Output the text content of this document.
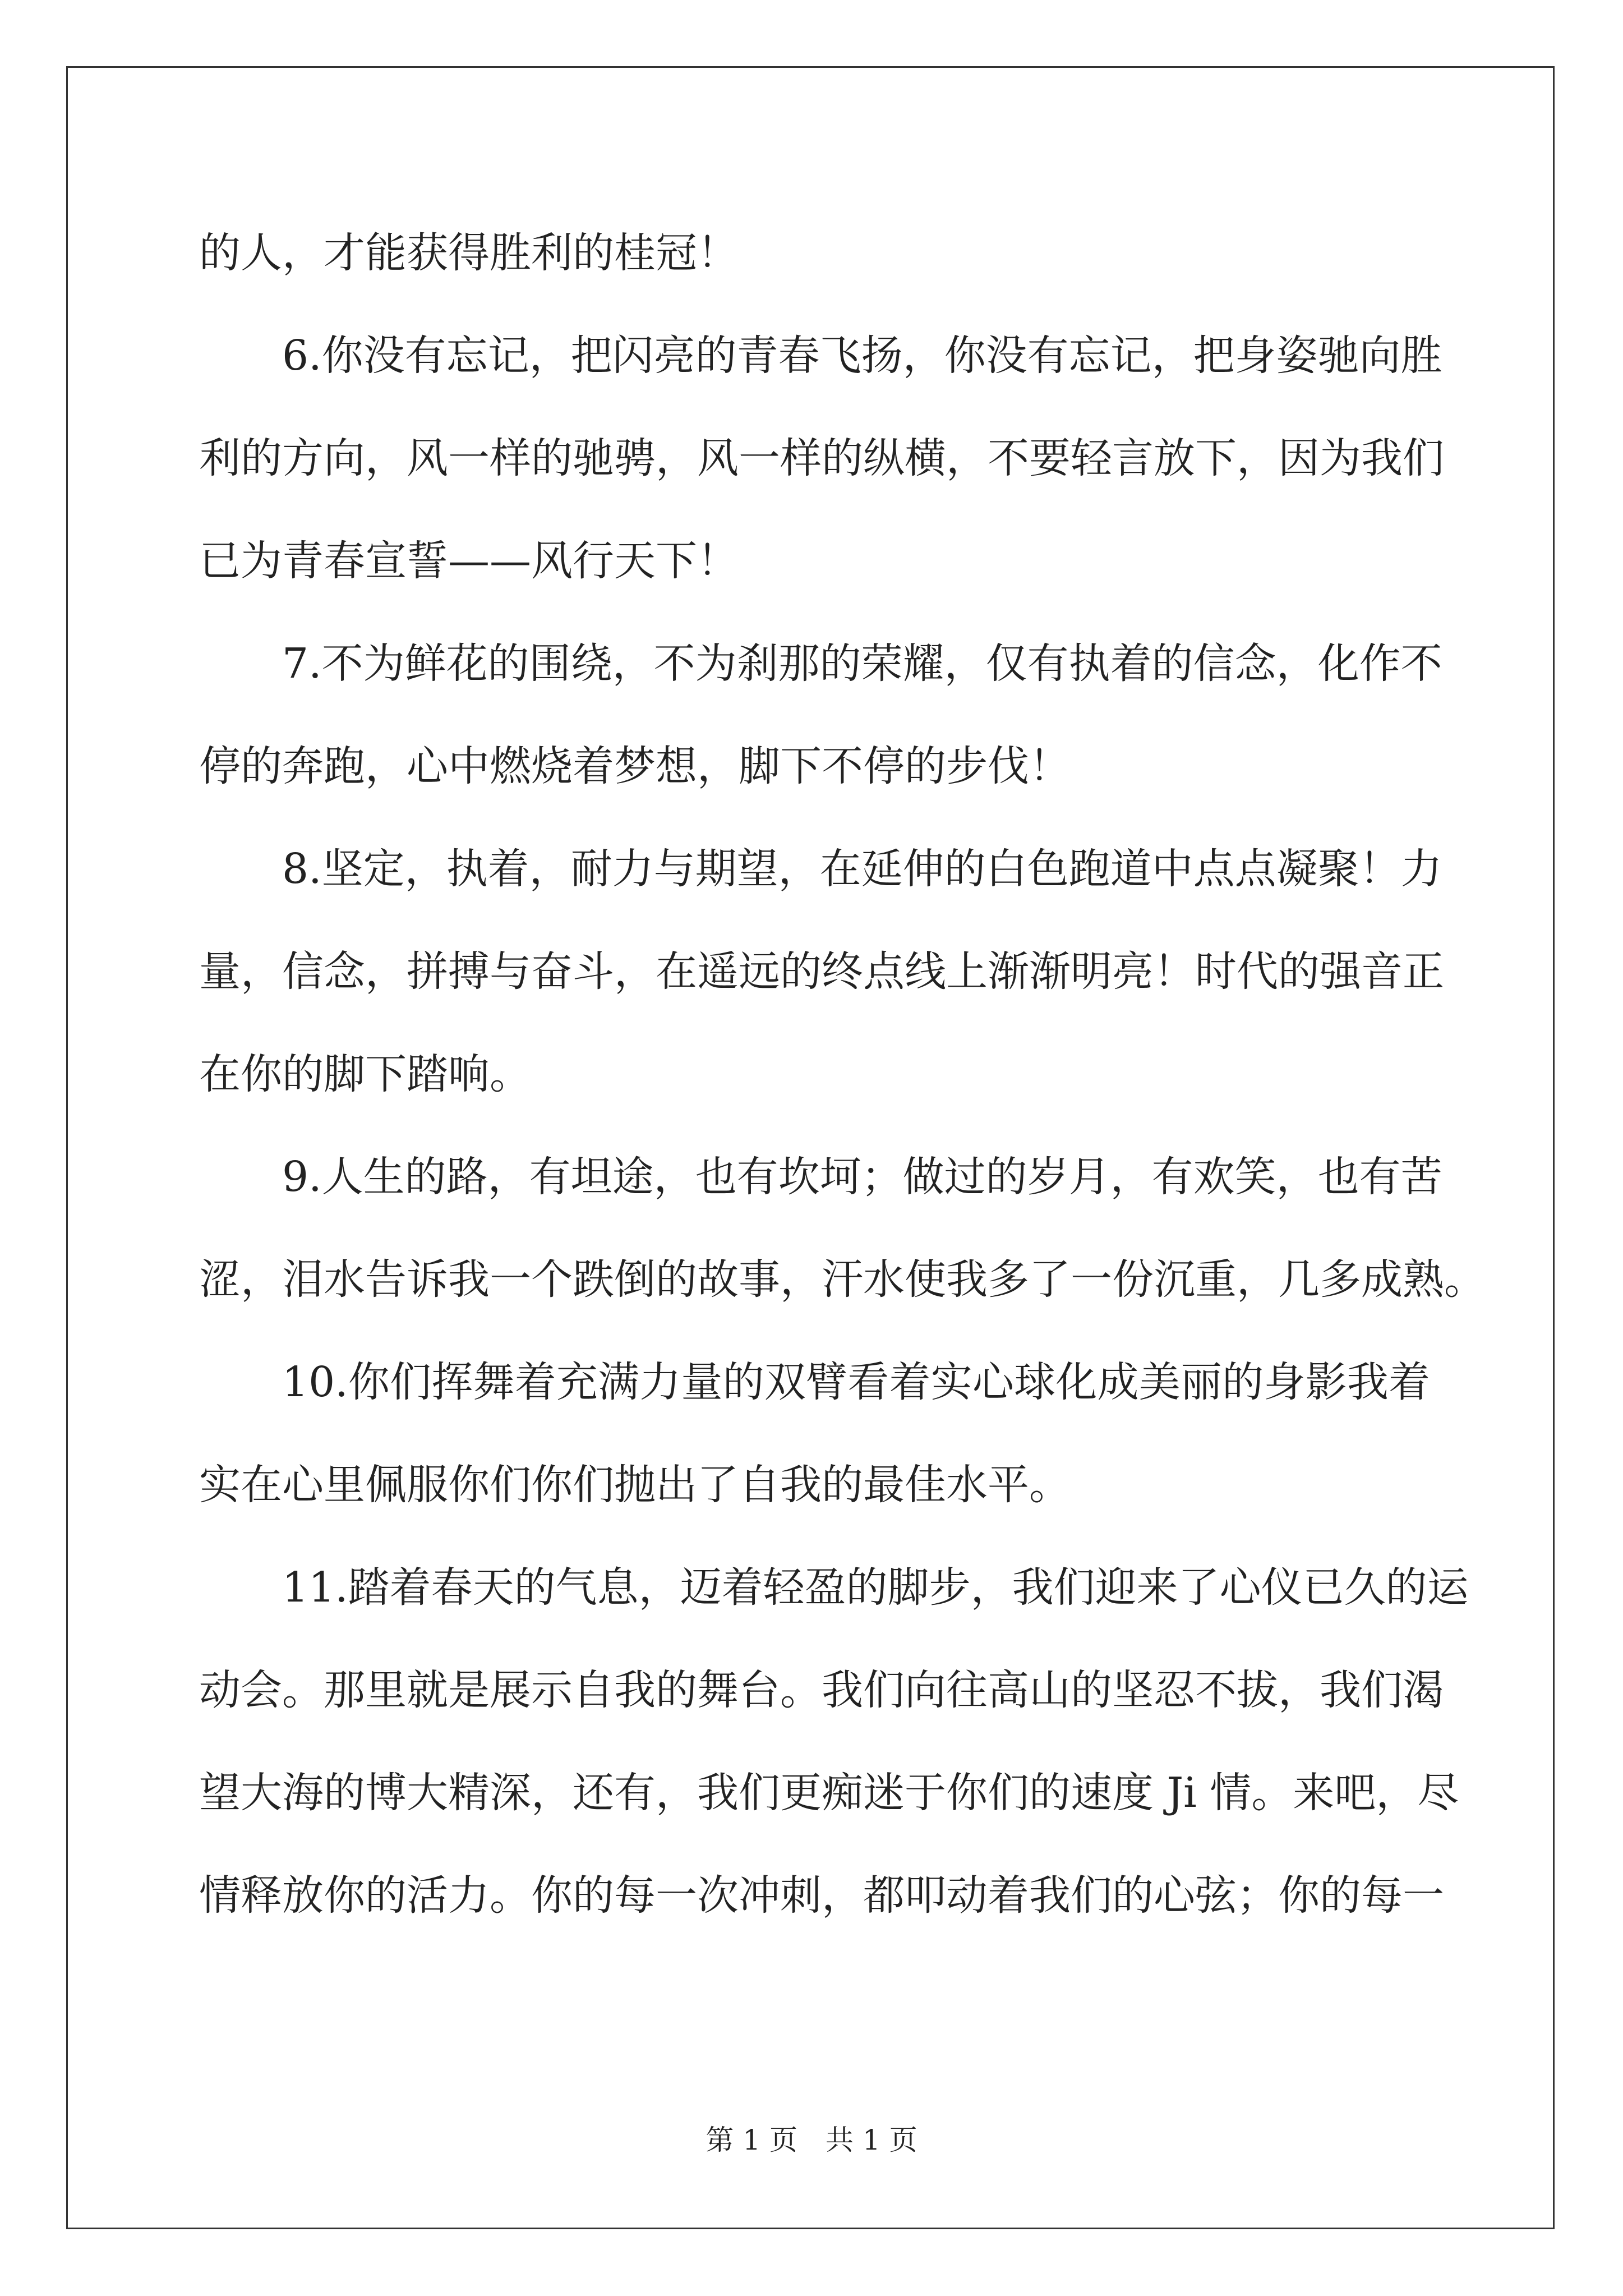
的人，才能获得胜利的桂冠！
6.你没有忘记，把闪亮的青春飞扬，你没有忘记，把身姿驰向胜
利的方向，风一样的驰骋，风一样的纵横，不要轻言放下，因为我们
已为青春宣誓——风行天下！
7.不为鲜花的围绕，不为刹那的荣耀，仅有执着的信念，化作不
停的奔跑，心中燃烧着梦想，脚下不停的步伐！
8.坚定，执着，耐力与期望，在延伸的白色跑道中点点凝聚！力
量，信念，拼搏与奋斗，在遥远的终点线上渐渐明亮！时代的强音正
在你的脚下踏响。
9.人生的路，有坦途，也有坎坷；做过的岁月，有欢笑，也有苦
涩，泪水告诉我一个跌倒的故事，汗水使我多了一份沉重，几多成熟。
10.你们挥舞着充满力量的双臂看着实心球化成美丽的身影我着
实在心里佩服你们你们抛出了自我的最佳水平。
11.踏着春天的气息，迈着轻盈的脚步，我们迎来了心仪已久的运
动会。那里就是展示自我的舞台。我们向往高山的坚忍不拔，我们渴
望大海的博大精深，还有，我们更痴迷于你们的速度 Ji 情。来吧，尽
情释放你的活力。你的每一次冲刺，都叩动着我们的心弦；你的每一
第 1 页 共 1 页
